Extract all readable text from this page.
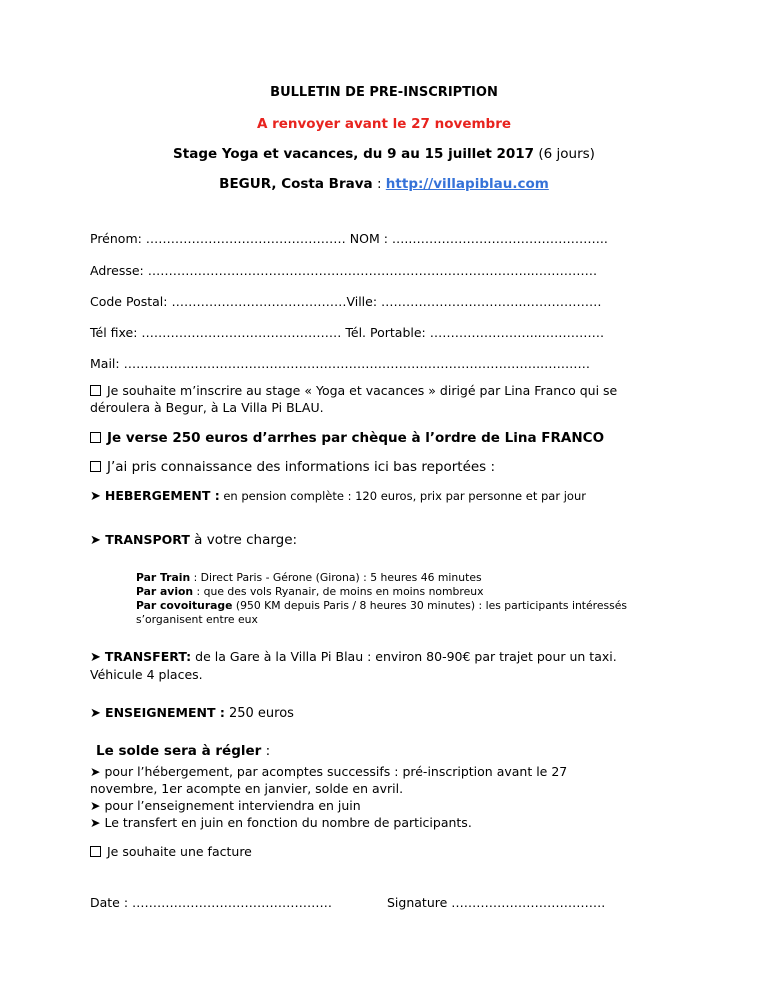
BULLETIN DE PRE-INSCRIPTION
A renvoyer avant le 27 novembre
Stage Yoga et vacances, du 9 au 15 juillet 2017 (6 jours)
BEGUR, Costa Brava : http://villapiblau.com
Prénom: ………………………………………… NOM : …..………………………………………..
Adresse: ………………………………………………………………………………...……………
Code Postal: ……………………………………Ville: ……………………………..………………
Tél fixe: ………………………………………… Tél. Portable: ……………………...……………
Mail: ……………………………………………………………………………………….…………
Je souhaite m’inscrire au stage « Yoga et vacances » dirigé par Lina Franco qui se
déroulera à Begur, à La Villa Pi BLAU.
Je verse 250 euros d’arrhes par chèque à l’ordre de Lina FRANCO
J’ai pris connaissance des informations ici bas reportées :
➤ HEBERGEMENT : en pension complète : 120 euros, prix par personne et par jour
➤ TRANSPORT à votre charge:
Par Train : Direct Paris - Gérone (Girona) : 5 heures 46 minutes
Par avion : que des vols Ryanair, de moins en moins nombreux
Par covoiturage (950 KM depuis Paris / 8 heures 30 minutes) : les participants intéressés
s’organisent entre eux
➤ TRANSFERT: de la Gare à la Villa Pi Blau : environ 80-90€ par trajet pour un taxi.
Véhicule 4 places.
➤ ENSEIGNEMENT : 250 euros
Le solde sera à régler :
➤ pour l’hébergement, par acomptes successifs : pré-inscription avant le 27
novembre, 1er acompte en janvier, solde en avril.
➤ pour l’enseignement interviendra en juin
➤ Le transfert en juin en fonction du nombre de participants.
Je souhaite une facture
Date : …………………………………………	Signature ……………………………….
